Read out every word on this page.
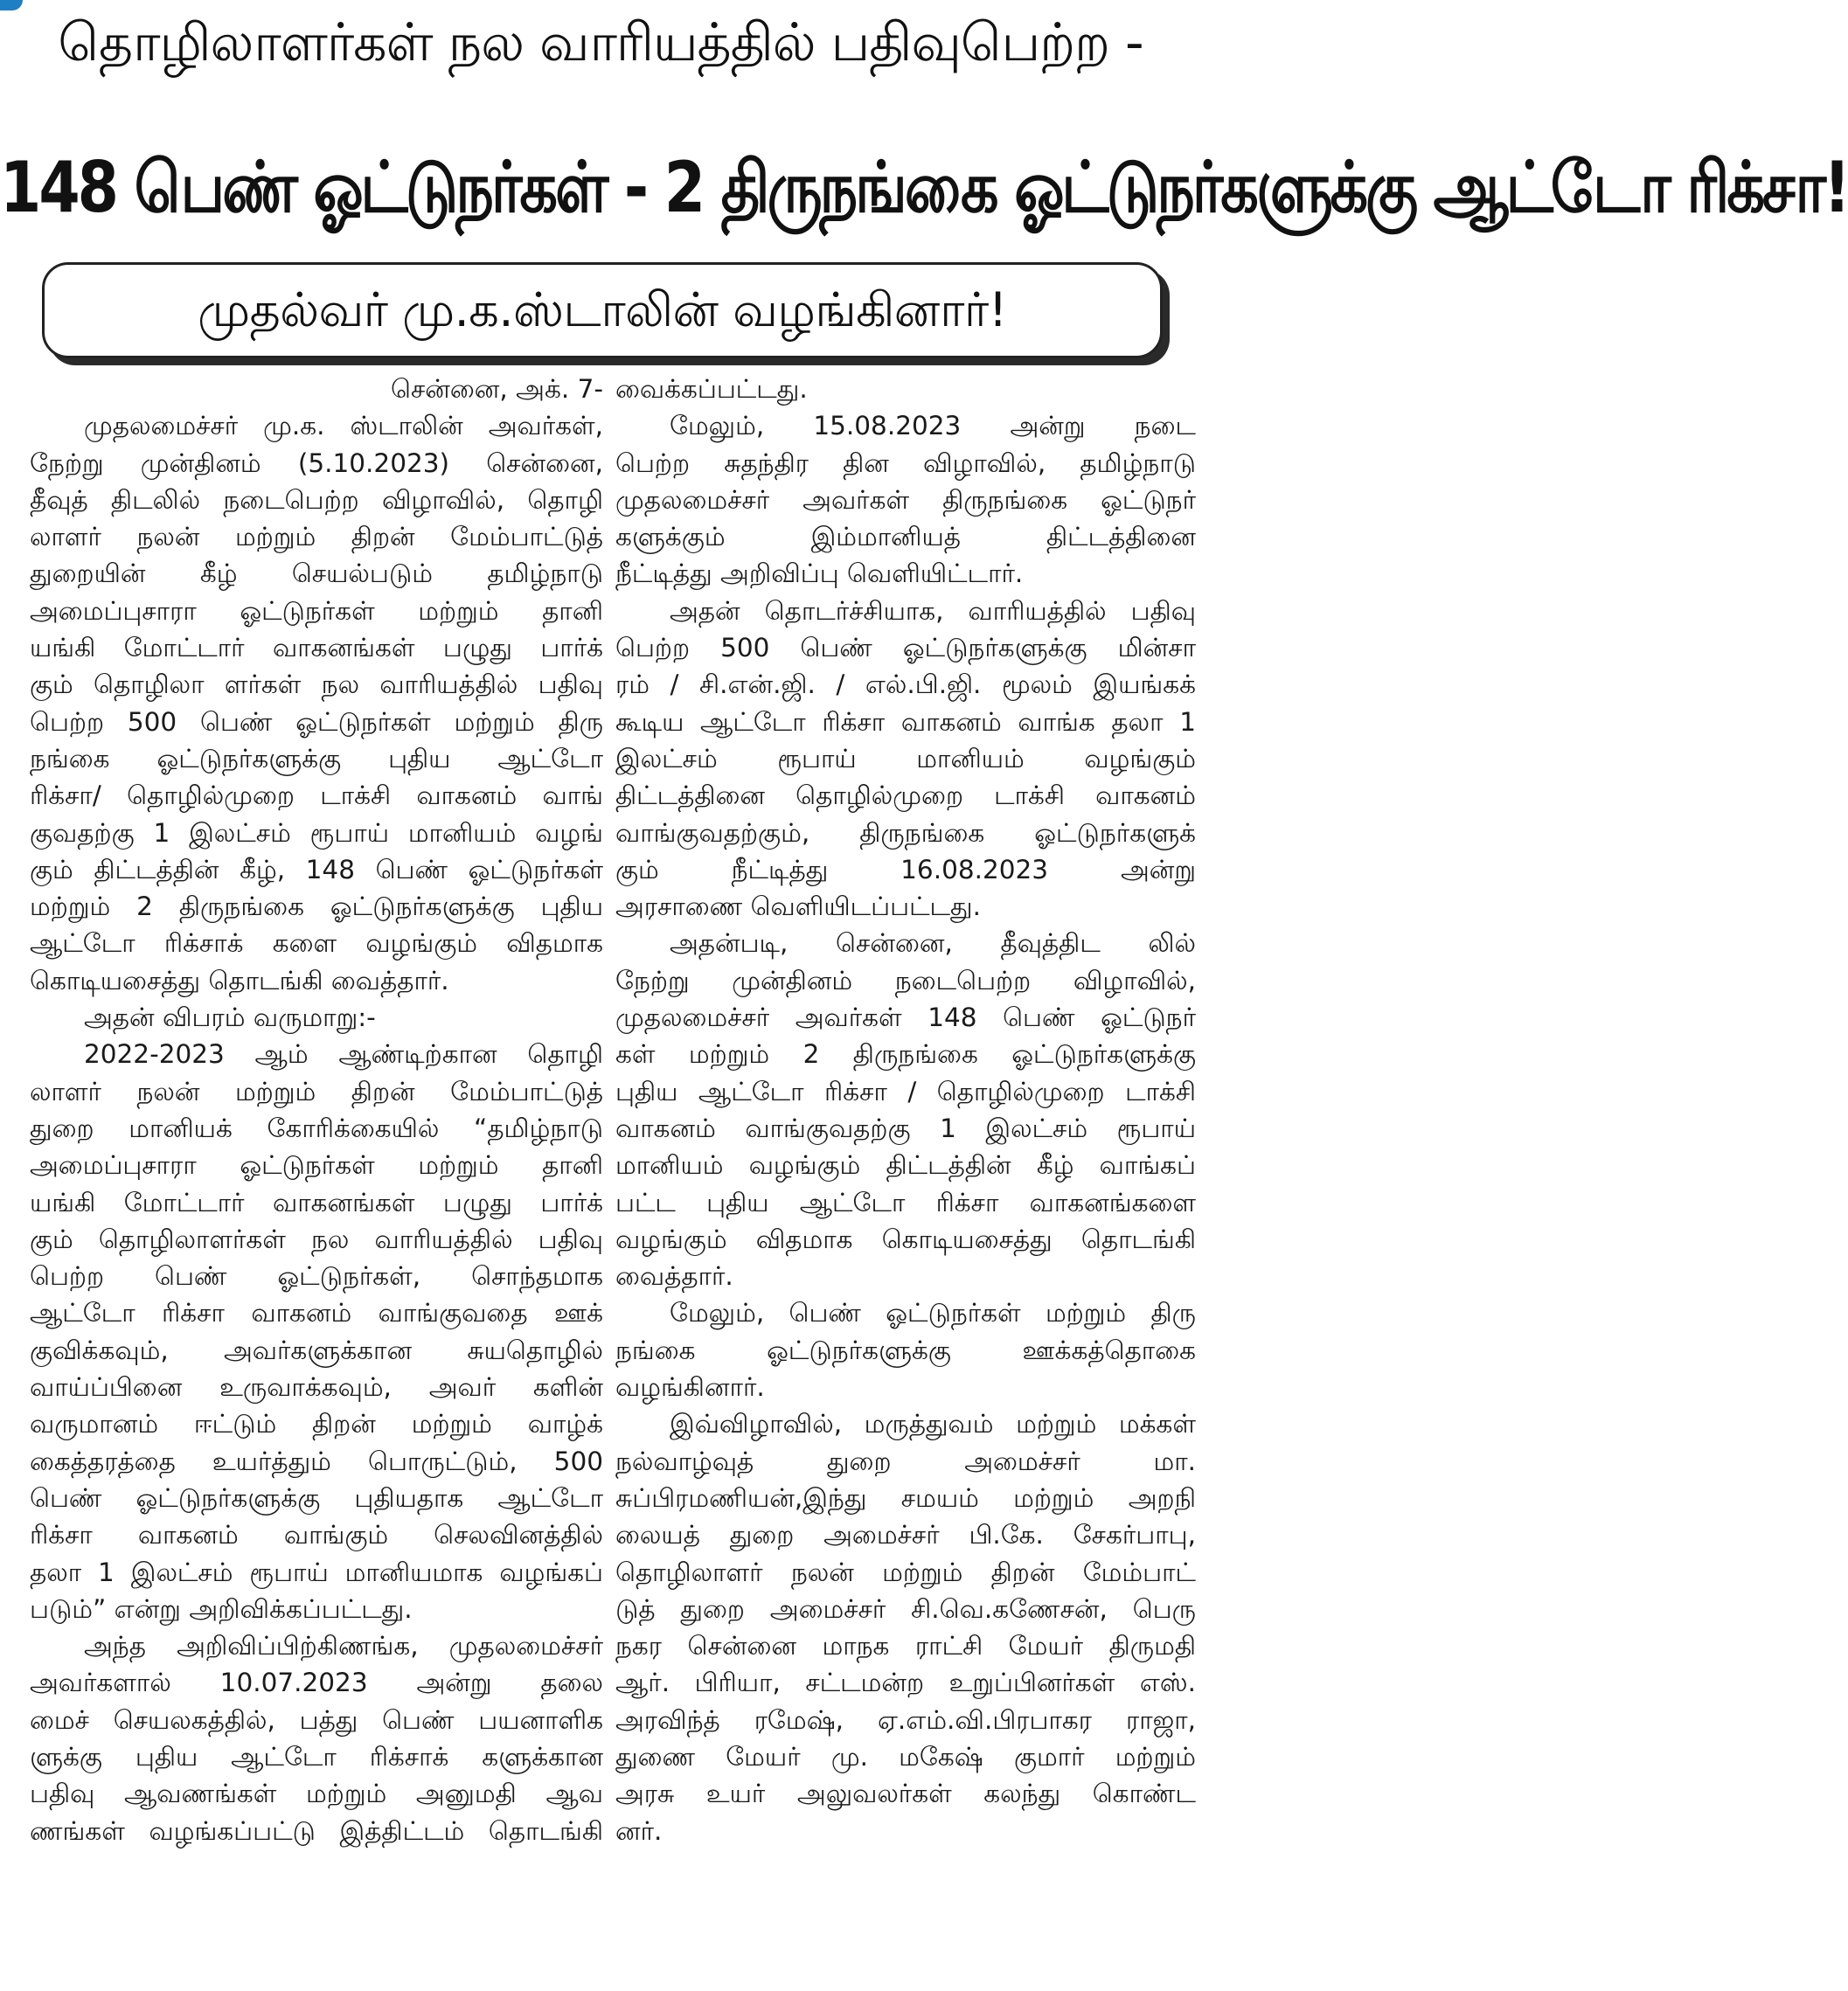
தொழிலாளர்கள் நல வாரியத்தில் பதிவுபெற்ற -
148 பெண் ஓட்டுநர்கள் - 2 திருநங்கை ஓட்டுநர்களுக்கு ஆட்டோ ரிக்சா!
முதல்வர் மு.க.ஸ்டாலின் வழங்கினார்!
சென்னை, அக். 7-
முதலமைச்சர் மு.க. ஸ்டாலின் அவர்கள்,
நேற்று முன்தினம் (5.10.2023) சென்னை,
தீவுத் திடலில் நடைபெற்ற விழாவில், தொழி
லாளர் நலன் மற்றும் திறன் மேம்பாட்டுத்
துறையின் கீழ் செயல்படும் தமிழ்நாடு
அமைப்புசாரா ஓட்டுநர்கள் மற்றும் தானி
யங்கி மோட்டார் வாகனங்கள் பழுது பார்க்
கும் தொழிலா ளர்கள் நல வாரியத்தில் பதிவு
பெற்ற 500 பெண் ஓட்டுநர்கள் மற்றும் திரு
நங்கை ஓட்டுநர்களுக்கு புதிய ஆட்டோ
ரிக்சா/ தொழில்முறை டாக்சி வாகனம் வாங்
குவதற்கு 1 இலட்சம் ரூபாய் மானியம் வழங்
கும் திட்டத்தின் கீழ், 148 பெண் ஓட்டுநர்கள்
மற்றும் 2 திருநங்கை ஓட்டுநர்களுக்கு புதிய
ஆட்டோ ரிக்சாக் களை வழங்கும் விதமாக
கொடியசைத்து தொடங்கி வைத்தார்.
அதன் விபரம் வருமாறு:-
2022-2023 ஆம் ஆண்டிற்கான தொழி
லாளர் நலன் மற்றும் திறன் மேம்பாட்டுத்
துறை மானியக் கோரிக்கையில் “தமிழ்நாடு
அமைப்புசாரா ஓட்டுநர்கள் மற்றும் தானி
யங்கி மோட்டார் வாகனங்கள் பழுது பார்க்
கும் தொழிலாளர்கள் நல வாரியத்தில் பதிவு
பெற்ற பெண் ஓட்டுநர்கள், சொந்தமாக
ஆட்டோ ரிக்சா வாகனம் வாங்குவதை ஊக்
குவிக்கவும், அவர்களுக்கான சுயதொழில்
வாய்ப்பினை உருவாக்கவும், அவர் களின்
வருமானம் ஈட்டும் திறன் மற்றும் வாழ்க்
கைத்தரத்தை உயர்த்தும் பொருட்டும், 500
பெண் ஓட்டுநர்களுக்கு புதியதாக ஆட்டோ
ரிக்சா வாகனம் வாங்கும் செலவினத்தில்
தலா 1 இலட்சம் ரூபாய் மானியமாக வழங்கப்
படும்” என்று அறிவிக்கப்பட்டது.
அந்த அறிவிப்பிற்கிணங்க, முதலமைச்சர்
அவர்களால் 10.07.2023 அன்று தலை
மைச் செயலகத்தில், பத்து பெண் பயனாளிக
ளுக்கு புதிய ஆட்டோ ரிக்சாக் களுக்கான
பதிவு ஆவணங்கள் மற்றும் அனுமதி ஆவ
ணங்கள் வழங்கப்பட்டு இத்திட்டம் தொடங்கி
வைக்கப்பட்டது.
மேலும், 15.08.2023 அன்று நடை
பெற்ற சுதந்திர தின விழாவில், தமிழ்நாடு
முதலமைச்சர் அவர்கள் திருநங்கை ஓட்டுநர்
களுக்கும் இம்மானியத் திட்டத்தினை
நீட்டித்து அறிவிப்பு வெளியிட்டார்.
அதன் தொடர்ச்சியாக, வாரியத்தில் பதிவு
பெற்ற 500 பெண் ஓட்டுநர்களுக்கு மின்சா
ரம் / சி.என்.ஜி. / எல்.பி.ஜி. மூலம் இயங்கக்
கூடிய ஆட்டோ ரிக்சா வாகனம் வாங்க தலா 1
இலட்சம் ரூபாய் மானியம் வழங்கும்
திட்டத்தினை தொழில்முறை டாக்சி வாகனம்
வாங்குவதற்கும், திருநங்கை ஓட்டுநர்களுக்
கும் நீட்டித்து 16.08.2023 அன்று
அரசாணை வெளியிடப்பட்டது.
அதன்படி, சென்னை, தீவுத்திட லில்
நேற்று முன்தினம் நடைபெற்ற விழாவில்,
முதலமைச்சர் அவர்கள் 148 பெண் ஓட்டுநர்
கள் மற்றும் 2 திருநங்கை ஓட்டுநர்களுக்கு
புதிய ஆட்டோ ரிக்சா / தொழில்முறை டாக்சி
வாகனம் வாங்குவதற்கு 1 இலட்சம் ரூபாய்
மானியம் வழங்கும் திட்டத்தின் கீழ் வாங்கப்
பட்ட புதிய ஆட்டோ ரிக்சா வாகனங்களை
வழங்கும் விதமாக கொடியசைத்து தொடங்கி
வைத்தார்.
மேலும், பெண் ஓட்டுநர்கள் மற்றும் திரு
நங்கை ஓட்டுநர்களுக்கு ஊக்கத்தொகை
வழங்கினார்.
இவ்விழாவில், மருத்துவம் மற்றும் மக்கள்
நல்வாழ்வுத் துறை அமைச்சர் மா.
சுப்பிரமணியன்,இந்து சமயம் மற்றும் அறநி
லையத் துறை அமைச்சர் பி.கே. சேகர்பாபு,
தொழிலாளர் நலன் மற்றும் திறன் மேம்பாட்
டுத் துறை அமைச்சர் சி.வெ.கணேசன், பெரு
நகர சென்னை மாநக ராட்சி மேயர் திருமதி
ஆர். பிரியா, சட்டமன்ற உறுப்பினர்கள் எஸ்.
அரவிந்த் ரமேஷ், ஏ.எம்.வி.பிரபாகர ராஜா,
துணை மேயர் மு. மகேஷ் குமார் மற்றும்
அரசு உயர் அலுவலர்கள் கலந்து கொண்ட
னர்.
